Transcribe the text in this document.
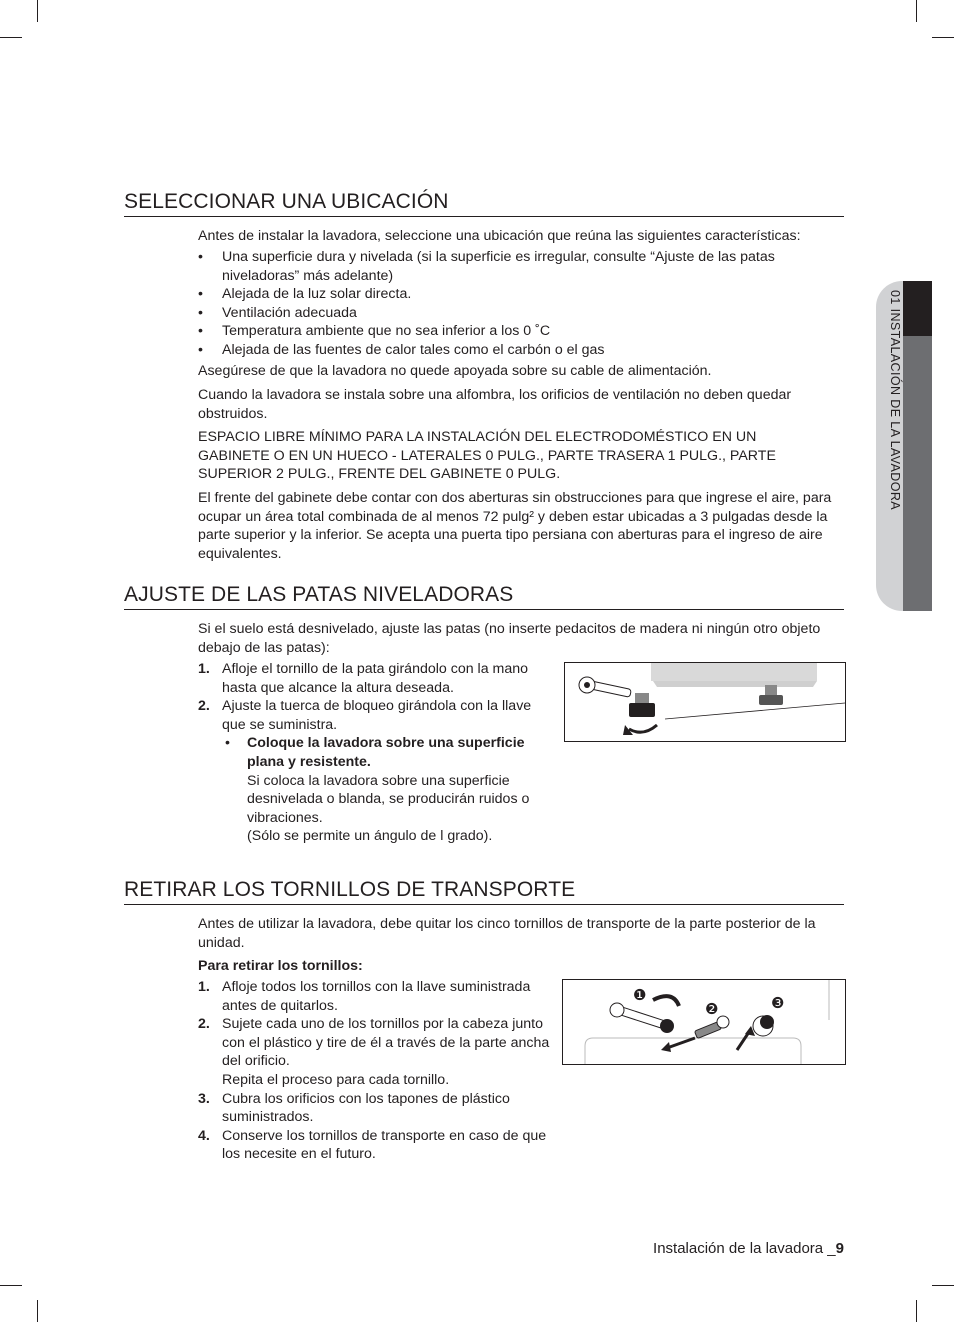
01 INSTALACIÓN DE LA LAVADORA
SELECCIONAR UNA UBICACIÓN

Antes de instalar la lavadora, seleccione una ubicación que reúna las siguientes características:

• Una superficie dura y nivelada (si la superficie es irregular, consulte “Ajuste de las patas niveladoras” más adelante)
• Alejada de la luz solar directa.
• Ventilación adecuada
• Temperatura ambiente que no sea inferior a los 0 ˚C
• Alejada de las fuentes de calor tales como el carbón o el gas

Asegúrese de que la lavadora no quede apoyada sobre su cable de alimentación.

Cuando la lavadora se instala sobre una alfombra, los orificios de ventilación no deben quedar obstruidos.

ESPACIO LIBRE MÍNIMO PARA LA INSTALACIÓN DEL ELECTRODOMÉSTICO EN UN GABINETE O EN UN HUECO - LATERALES 0 PULG., PARTE TRASERA 1 PULG., PARTE SUPERIOR 2 PULG., FRENTE DEL GABINETE 0 PULG.

El frente del gabinete debe contar con dos aberturas sin obstrucciones para que ingrese el aire, para ocupar un área total combinada de al menos 72 pulg² y deben estar ubicadas a 3 pulgadas desde la parte superior y la inferior. Se acepta una puerta tipo persiana con aberturas para el ingreso de aire equivalentes.

AJUSTE DE LAS PATAS NIVELADORAS

Si el suelo está desnivelado, ajuste las patas (no inserte pedacitos de madera ni ningún otro objeto debajo de las patas):

1. Afloje el tornillo de la pata girándolo con la mano hasta que alcance la altura deseada.
2. Ajuste la tuerca de bloqueo girándola con la llave que se suministra.
• Coloque la lavadora sobre una superficie plana y resistente.
Si coloca la lavadora sobre una superficie desnivelada o blanda, se producirán ruidos o vibraciones.
(Sólo se permite un ángulo de l grado).
RETIRAR LOS TORNILLOS DE TRANSPORTE

Antes de utilizar la lavadora, debe quitar los cinco tornillos de transporte de la parte posterior de la unidad.

Para retirar los tornillos:

1. Afloje todos los tornillos con la llave suministrada antes de quitarlos.
2. Sujete cada uno de los tornillos por la cabeza junto con el plástico y tire de él a través de la parte ancha del orificio.
Repita el proceso para cada tornillo.
3. Cubra los orificios con los tapones de plástico suministrados.
4. Conserve los tornillos de transporte en caso de que los necesite en el futuro.
❶
❷	❸
Instalación de la lavadora _9
